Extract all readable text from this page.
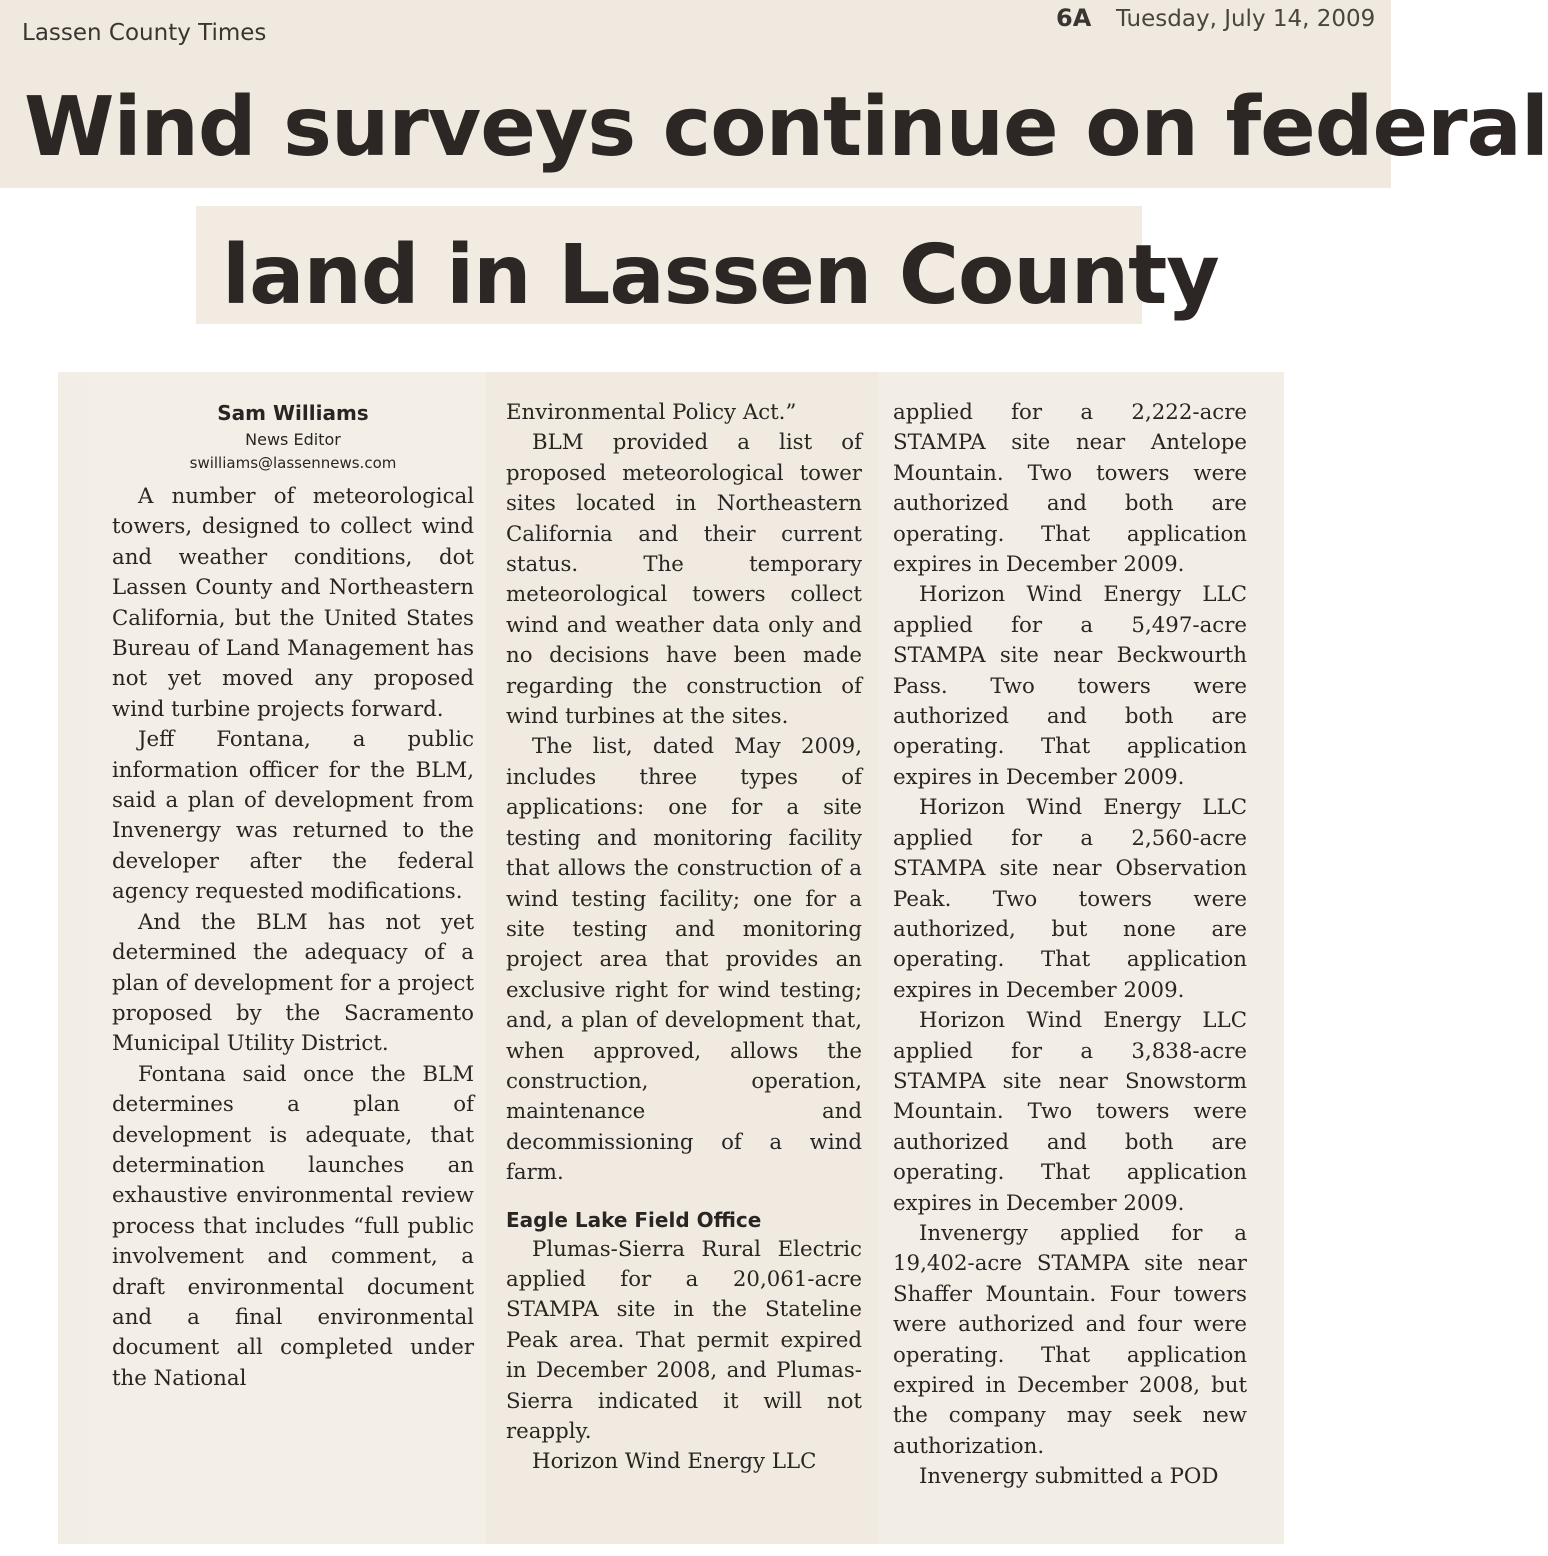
Lassen County Times
6A Tuesday, July 14, 2009
Wind surveys continue on federal
land in Lassen County
Sam Williams
News Editor
swilliams@lassennews.com

A number of meteorological towers, designed to collect wind and weather conditions, dot Lassen County and Northeastern California, but the United States Bureau of Land Management has not yet moved any proposed wind turbine projects forward.

Jeff Fontana, a public information officer for the BLM, said a plan of development from Invenergy was returned to the developer after the federal agency requested modifications.

And the BLM has not yet determined the adequacy of a plan of development for a project proposed by the Sacramento Municipal Utility District.

Fontana said once the BLM determines a plan of development is adequate, that determination launches an exhaustive environmental review process that includes “full public involvement and comment, a draft environmental document and a final environmental document all completed under the National

Environmental Policy Act.”

BLM provided a list of proposed meteorological tower sites located in Northeastern California and their current status. The temporary meteorological towers collect wind and weather data only and no decisions have been made regarding the construction of wind turbines at the sites.

The list, dated May 2009, includes three types of applications: one for a site testing and monitoring facility that allows the construction of a wind testing facility; one for a site testing and monitoring project area that provides an exclusive right for wind testing; and, a plan of development that, when approved, allows the construction, operation, maintenance and decommissioning of a wind farm.

Eagle Lake Field Office

Plumas-Sierra Rural Electric applied for a 20,061-acre STAMPA site in the Stateline Peak area. That permit expired in December 2008, and Plumas-Sierra indicated it will not reapply.

Horizon Wind Energy LLC

applied for a 2,222-acre STAMPA site near Antelope Mountain. Two towers were authorized and both are operating. That application expires in December 2009.

Horizon Wind Energy LLC applied for a 5,497-acre STAMPA site near Beckwourth Pass. Two towers were authorized and both are operating. That application expires in December 2009.

Horizon Wind Energy LLC applied for a 2,560-acre STAMPA site near Observation Peak. Two towers were authorized, but none are operating. That application expires in December 2009.

Horizon Wind Energy LLC applied for a 3,838-acre STAMPA site near Snowstorm Mountain. Two towers were authorized and both are operating. That application expires in December 2009.

Invenergy applied for a 19,402-acre STAMPA site near Shaffer Mountain. Four towers were authorized and four were operating. That application expired in December 2008, but the company may seek new authorization.

Invenergy submitted a POD
